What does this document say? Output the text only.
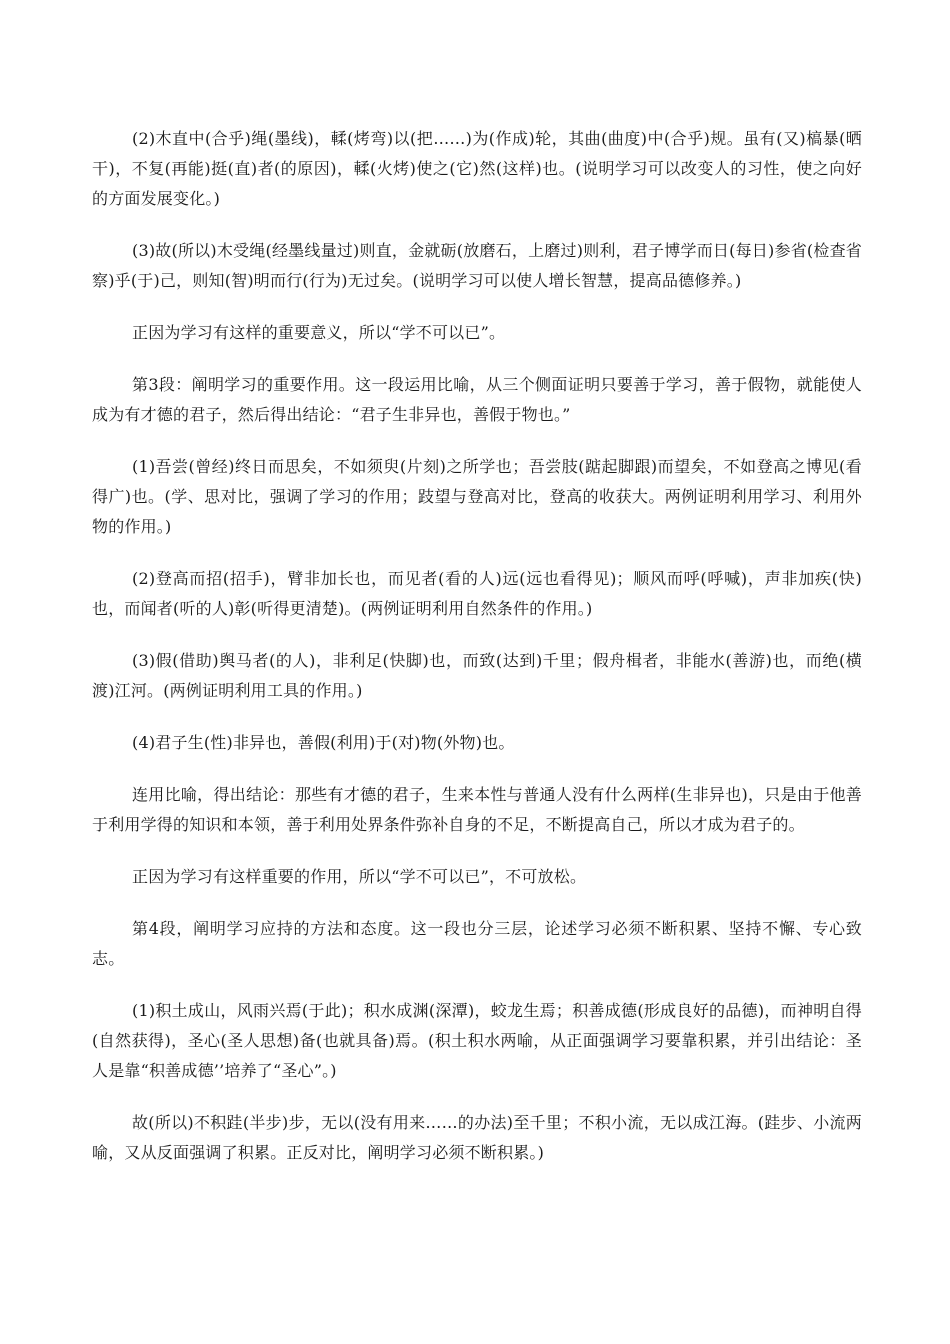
(2)木直中(合乎)绳(墨线)，輮(烤弯)以(把……)为(作成)轮，其曲(曲度)中(合乎)规。虽有(又)槁暴(晒干)，不复(再能)挺(直)者(的原因)，輮(火烤)使之(它)然(这样)也。(说明学习可以改变人的习性，使之向好的方面发展变化。)

(3)故(所以)木受绳(经墨线量过)则直，金就砺(放磨石，上磨过)则利，君子博学而日(每日)参省(检查省察)乎(于)己，则知(智)明而行(行为)无过矣。(说明学习可以使人增长智慧，提高品德修养。)

正因为学习有这样的重要意义，所以“学不可以已”。

第3段：阐明学习的重要作用。这一段运用比喻，从三个侧面证明只要善于学习，善于假物，就能使人成为有才德的君子，然后得出结论：“君子生非异也，善假于物也。”

(1)吾尝(曾经)终日而思矣，不如须臾(片刻)之所学也；吾尝肢(踮起脚跟)而望矣，不如登高之博见(看得广)也。(学、思对比，强调了学习的作用；跂望与登高对比，登高的收获大。两例证明利用学习、利用外物的作用。)

(2)登高而招(招手)，臂非加长也，而见者(看的人)远(远也看得见)；顺风而呼(呼喊)，声非加疾(快)也，而闻者(听的人)彰(听得更清楚)。(两例证明利用自然条件的作用。)

(3)假(借助)舆马者(的人)，非利足(快脚)也，而致(达到)千里；假舟楫者，非能水(善游)也，而绝(横渡)江河。(两例证明利用工具的作用。)

(4)君子生(性)非异也，善假(利用)于(对)物(外物)也。

连用比喻，得出结论：那些有才德的君子，生来本性与普通人没有什么两样(生非异也)，只是由于他善于利用学得的知识和本领，善于利用处界条件弥补自身的不足，不断提高自己，所以才成为君子的。

正因为学习有这样重要的作用，所以“学不可以已”，不可放松。

第4段，阐明学习应持的方法和态度。这一段也分三层，论述学习必须不断积累、坚持不懈、专心致志。

(1)积土成山，风雨兴焉(于此)；积水成渊(深潭)，蛟龙生焉；积善成德(形成良好的品德)，而神明自得(自然获得)，圣心(圣人思想)备(也就具备)焉。(积土积水两喻，从正面强调学习要靠积累，并引出结论：圣人是靠“积善成德’’培养了“圣心”。)

故(所以)不积跬(半步)步，无以(没有用来……的办法)至千里；不积小流，无以成江海。(跬步、小流两喻，又从反面强调了积累。正反对比，阐明学习必须不断积累。)
